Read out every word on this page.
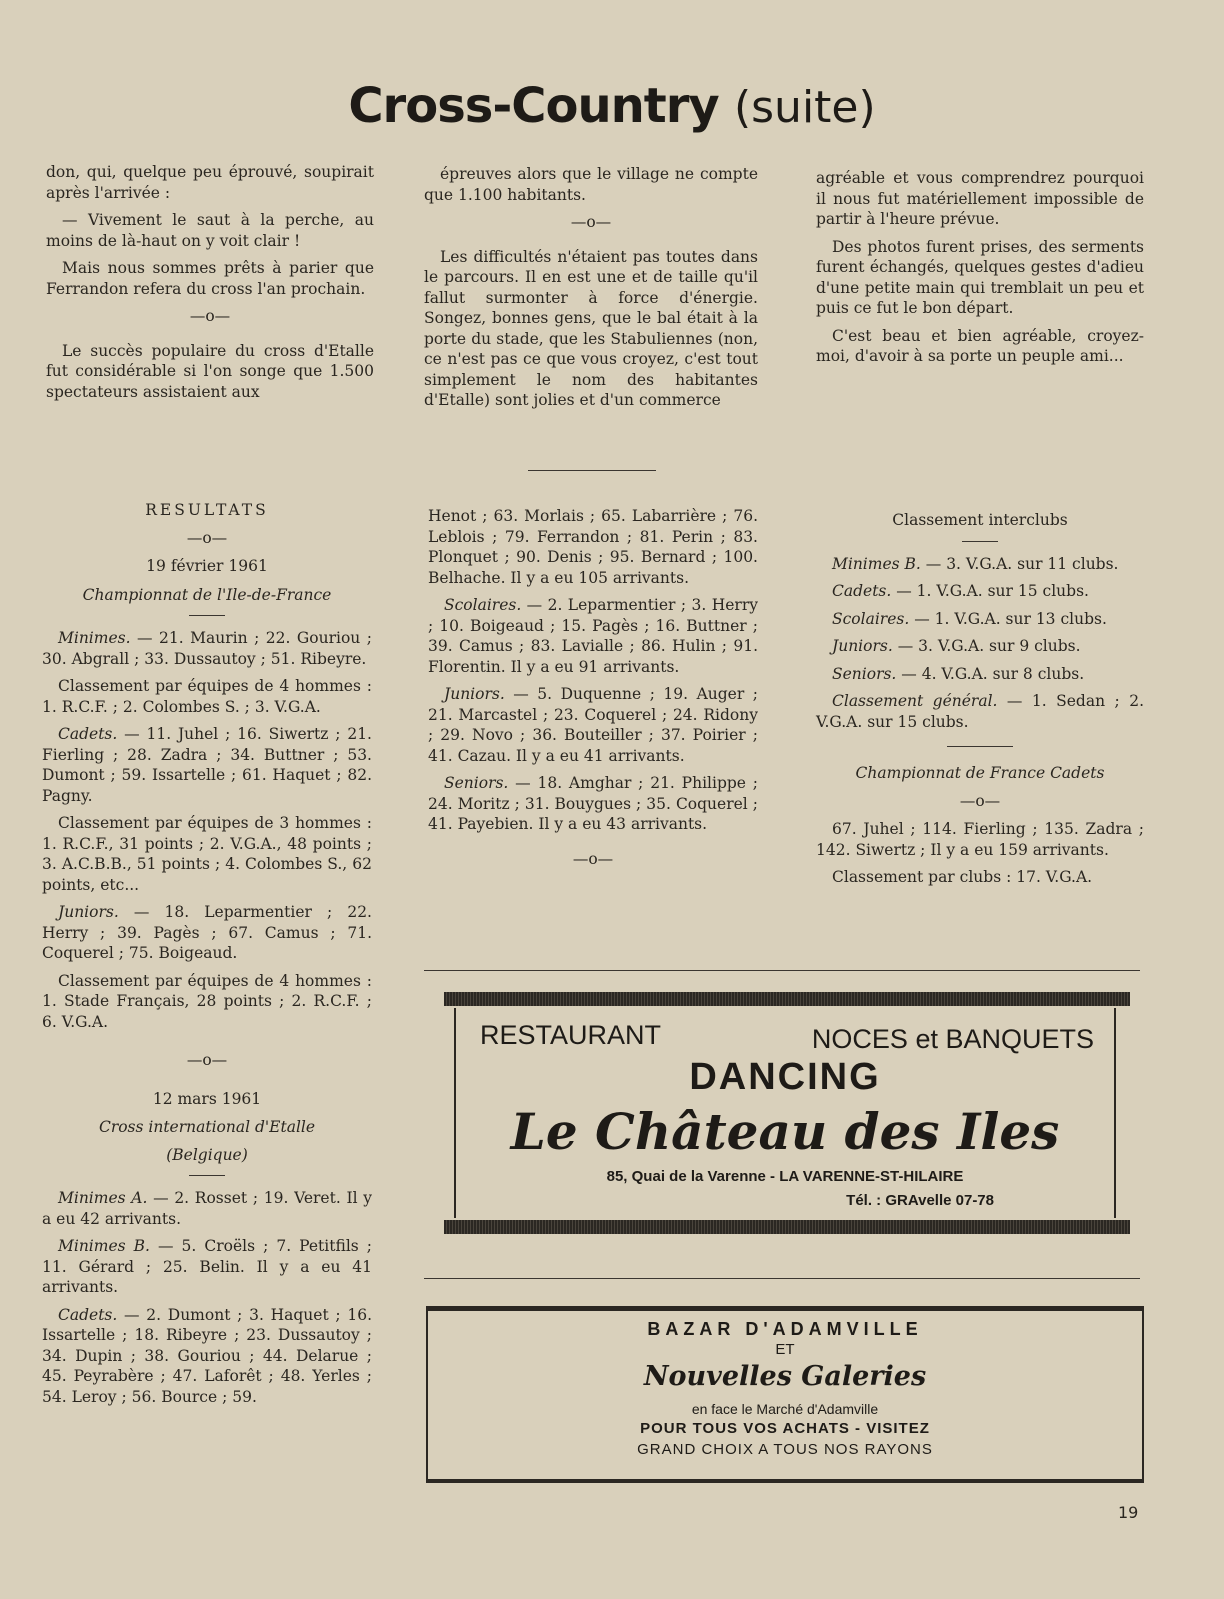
Cross-Country (suite)

don, qui, quelque peu éprouvé, soupirait après l'arrivée :

— Vivement le saut à la perche, au moins de là-haut on y voit clair !

Mais nous sommes prêts à parier que Ferrandon refera du cross l'an prochain.

—o—

Le succès populaire du cross d'Etalle fut considérable si l'on songe que 1.500 spectateurs assistaient aux

épreuves alors que le village ne compte que 1.100 habitants.

—o—

Les difficultés n'étaient pas toutes dans le parcours. Il en est une et de taille qu'il fallut surmonter à force d'énergie. Songez, bonnes gens, que le bal était à la porte du stade, que les Stabuliennes (non, ce n'est pas ce que vous croyez, c'est tout simplement le nom des habitantes d'Etalle) sont jolies et d'un commerce

agréable et vous comprendrez pourquoi il nous fut matériellement impossible de partir à l'heure prévue.

Des photos furent prises, des serments furent échangés, quelques gestes d'adieu d'une petite main qui tremblait un peu et puis ce fut le bon départ.

C'est beau et bien agréable, croyez-moi, d'avoir à sa porte un peuple ami...

RESULTATS

—o—

19 février 1961

Championnat de l'Ile-de-France

Minimes. — 21. Maurin ; 22. Gouriou ; 30. Abgrall ; 33. Dussautoy ; 51. Ribeyre.

Classement par équipes de 4 hommes : 1. R.C.F. ; 2. Colombes S. ; 3. V.G.A.

Cadets. — 11. Juhel ; 16. Siwertz ; 21. Fierling ; 28. Zadra ; 34. Buttner ; 53. Dumont ; 59. Issartelle ; 61. Haquet ; 82. Pagny.

Classement par équipes de 3 hommes : 1. R.C.F., 31 points ; 2. V.G.A., 48 points ; 3. A.C.B.B., 51 points ; 4. Colombes S., 62 points, etc...

Juniors. — 18. Leparmentier ; 22. Herry ; 39. Pagès ; 67. Camus ; 71. Coquerel ; 75. Boigeaud.

Classement par équipes de 4 hommes : 1. Stade Français, 28 points ; 2. R.C.F. ; 6. V.G.A.

—o—

12 mars 1961

Cross international d'Etalle

(Belgique)

Minimes A. — 2. Rosset ; 19. Veret. Il y a eu 42 arrivants.

Minimes B. — 5. Croëls ; 7. Petitfils ; 11. Gérard ; 25. Belin. Il y a eu 41 arrivants.

Cadets. — 2. Dumont ; 3. Haquet ; 16. Issartelle ; 18. Ribeyre ; 23. Dussautoy ; 34. Dupin ; 38. Gouriou ; 44. Delarue ; 45. Peyrabère ; 47. Laforêt ; 48. Yerles ; 54. Leroy ; 56. Bource ; 59.

Henot ; 63. Morlais ; 65. Labarrière ; 76. Leblois ; 79. Ferrandon ; 81. Perin ; 83. Plonquet ; 90. Denis ; 95. Bernard ; 100. Belhache. Il y a eu 105 arrivants.

Scolaires. — 2. Leparmentier ; 3. Herry ; 10. Boigeaud ; 15. Pagès ; 16. Buttner ; 39. Camus ; 83. Lavialle ; 86. Hulin ; 91. Florentin. Il y a eu 91 arrivants.

Juniors. — 5. Duquenne ; 19. Auger ; 21. Marcastel ; 23. Coquerel ; 24. Ridony ; 29. Novo ; 36. Bouteiller ; 37. Poirier ; 41. Cazau. Il y a eu 41 arrivants.

Seniors. — 18. Amghar ; 21. Philippe ; 24. Moritz ; 31. Bouygues ; 35. Coquerel ; 41. Payebien. Il y a eu 43 arrivants.

—o—

Classement interclubs

Minimes B. — 3. V.G.A. sur 11 clubs.

Cadets. — 1. V.G.A. sur 15 clubs.

Scolaires. — 1. V.G.A. sur 13 clubs.

Juniors. — 3. V.G.A. sur 9 clubs.

Seniors. — 4. V.G.A. sur 8 clubs.

Classement général. — 1. Sedan ; 2. V.G.A. sur 15 clubs.

Championnat de France Cadets

—o—

67. Juhel ; 114. Fierling ; 135. Zadra ; 142. Siwertz ; Il y a eu 159 arrivants.

Classement par clubs : 17. V.G.A.

RESTAURANT	NOCES et BANQUETS
DANCING
Le Château des Iles
85, Quai de la Varenne - LA VARENNE-ST-HILAIRE
Tél. : GRAvelle 07-78
BAZAR D'ADAMVILLE
ET
Nouvelles Galeries
en face le Marché d'Adamville
POUR TOUS VOS ACHATS - VISITEZ
GRAND CHOIX A TOUS NOS RAYONS
19
